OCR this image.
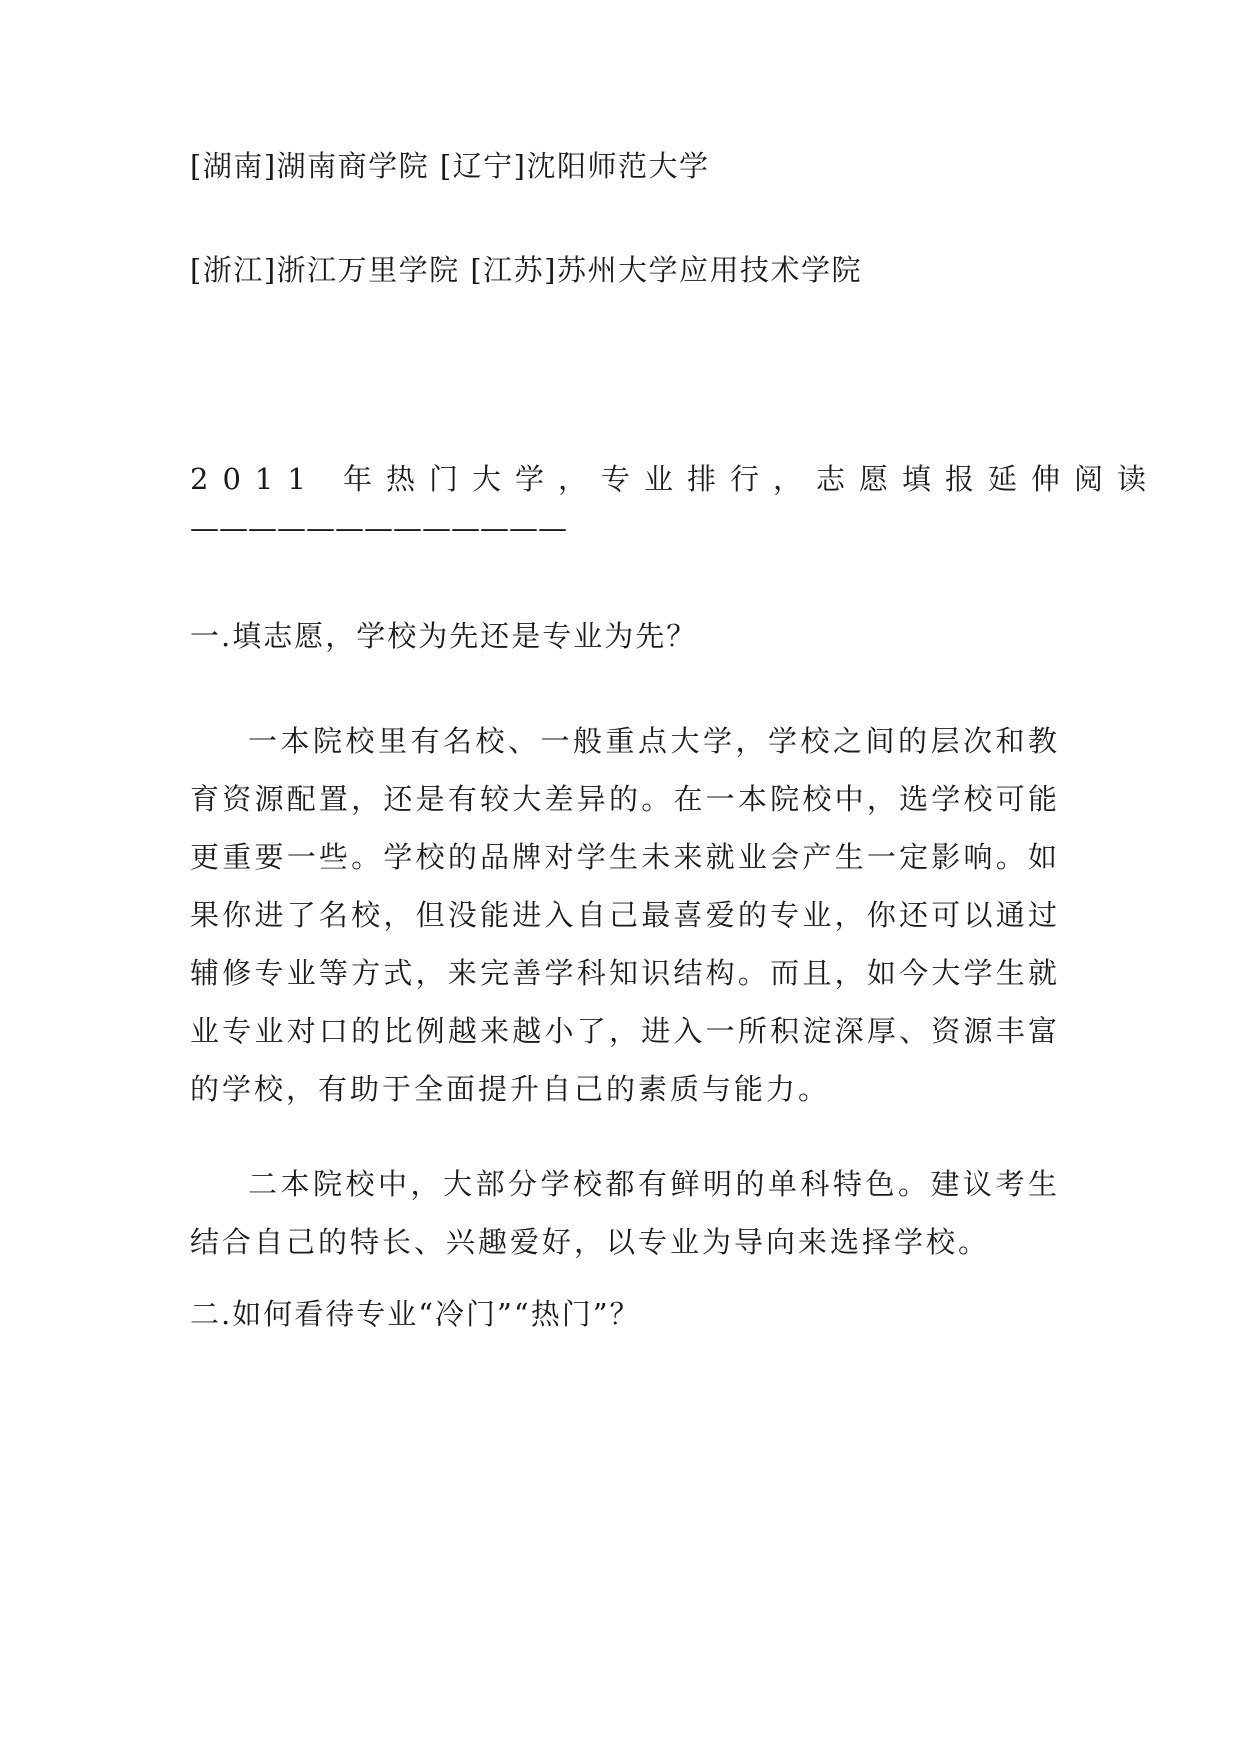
[湖南]湖南商学院 [辽宁]沈阳师范大学
[浙江]浙江万里学院 [江苏]苏州大学应用技术学院
2011 年热门大学，专业排行，志愿填报延伸阅读
—————————————
一.填志愿，学校为先还是专业为先？
一本院校里有名校、一般重点大学，学校之间的层次和教育资源配置，还是有较大差异的。在一本院校中，选学校可能更重要一些。学校的品牌对学生未来就业会产生一定影响。如果你进了名校，但没能进入自己最喜爱的专业，你还可以通过辅修专业等方式，来完善学科知识结构。而且，如今大学生就业专业对口的比例越来越小了，进入一所积淀深厚、资源丰富的学校，有助于全面提升自己的素质与能力。
二本院校中，大部分学校都有鲜明的单科特色。建议考生结合自己的特长、兴趣爱好，以专业为导向来选择学校。
二.如何看待专业“冷门”“热门”？
